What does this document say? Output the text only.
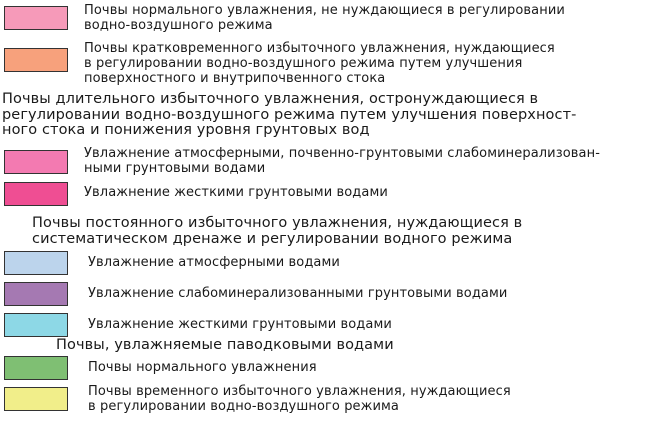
Почвы нормального увлажнения, не нуждающиеся в регулировании
водно-воздушного режима
Почвы кратковременного избыточного увлажнения, нуждающиеся
в регулировании водно-воздушного режима путем улучшения
поверхностного и внутрипочвенного стока
Почвы длительного избыточного увлажнения, остронуждающиеся в
регулировании водно-воздушного режима путем улучшения поверхност-
ного стока и понижения уровня грунтовых вод
Увлажнение атмосферными, почвенно-грунтовыми слабоминерализован-
ными грунтовыми водами
Увлажнение жесткими грунтовыми водами
Почвы постоянного избыточного увлажнения, нуждающиеся в
систематическом дренаже и регулировании водного режима
Увлажнение атмосферными водами
Увлажнение слабоминерализованными грунтовыми водами
Увлажнение жесткими грунтовыми водами
Почвы, увлажняемые паводковыми водами
Почвы нормального увлажнения
Почвы временного избыточного увлажнения, нуждающиеся
в регулировании водно-воздушного режима
